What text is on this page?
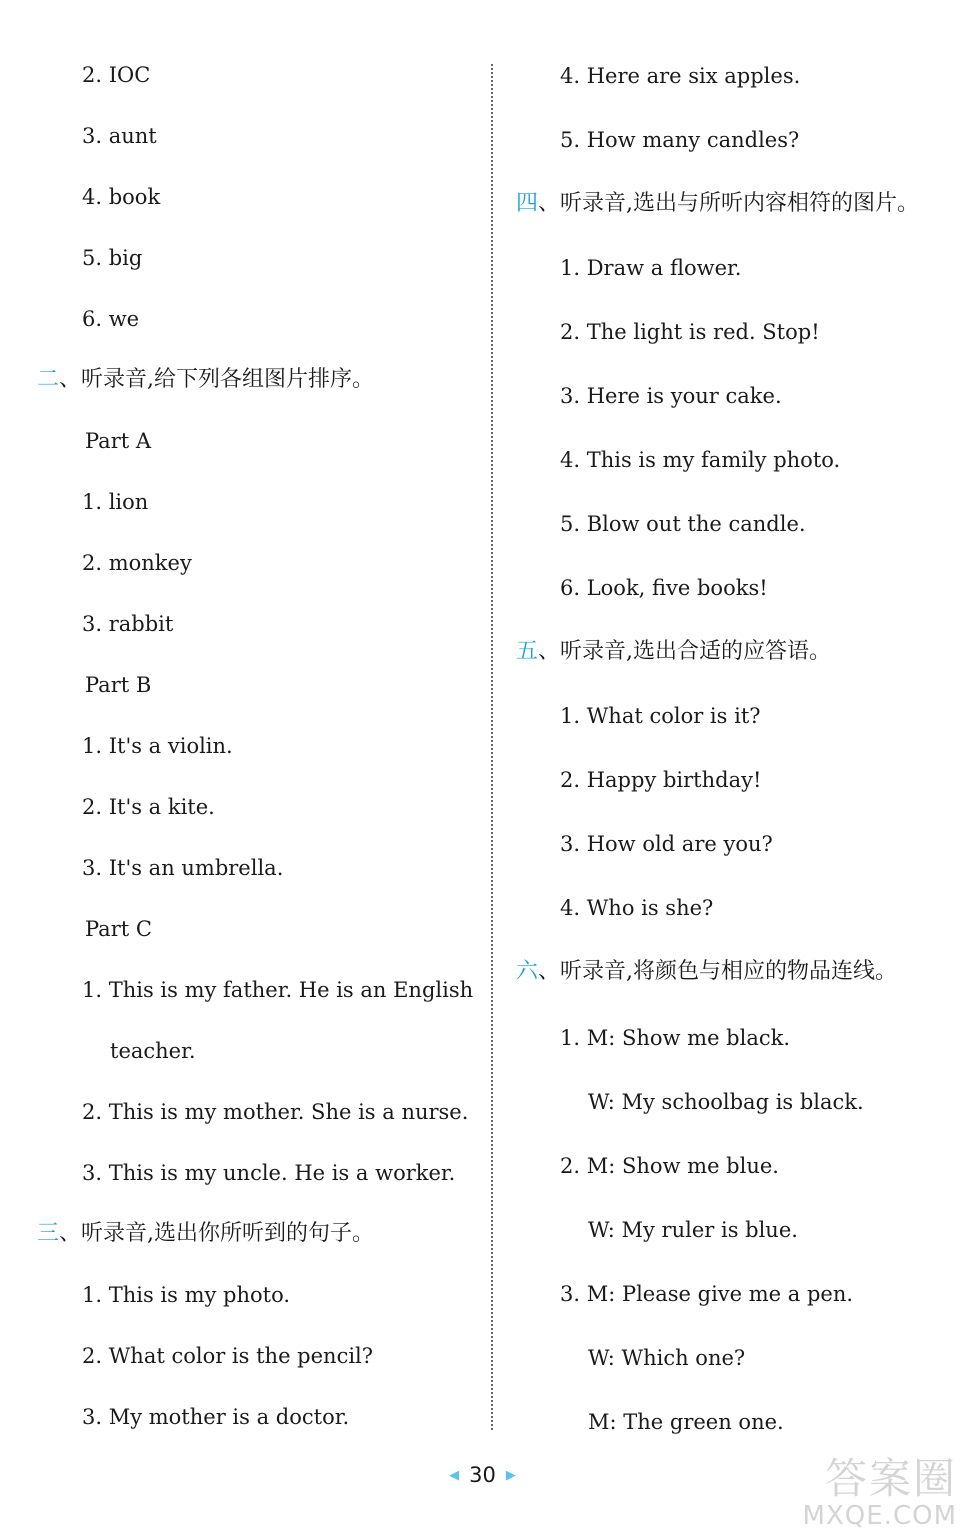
2. IOC
3. aunt
4. book
5. big
6. we
二、听录音,给下列各组图片排序。
Part A
1. lion
2. monkey
3. rabbit
Part B
1. It's a violin.
2. It's a kite.
3. It's an umbrella.
Part C
1. This is my father. He is an English
teacher.
2. This is my mother. She is a nurse.
3. This is my uncle. He is a worker.
三、听录音,选出你所听到的句子。
1. This is my photo.
2. What color is the pencil?
3. My mother is a doctor.
4. Here are six apples.
5. How many candles?
四、听录音,选出与所听内容相符的图片。
1. Draw a flower.
2. The light is red. Stop!
3. Here is your cake.
4. This is my family photo.
5. Blow out the candle.
6. Look, five books!
五、听录音,选出合适的应答语。
1. What color is it?
2. Happy birthday!
3. How old are you?
4. Who is she?
六、听录音,将颜色与相应的物品连线。
1. M: Show me black.
W: My schoolbag is black.
2. M: Show me blue.
W: My ruler is blue.
3. M: Please give me a pen.
W: Which one?
M: The green one.
◀ 30 ▶	答案圈
MXQE.COM
